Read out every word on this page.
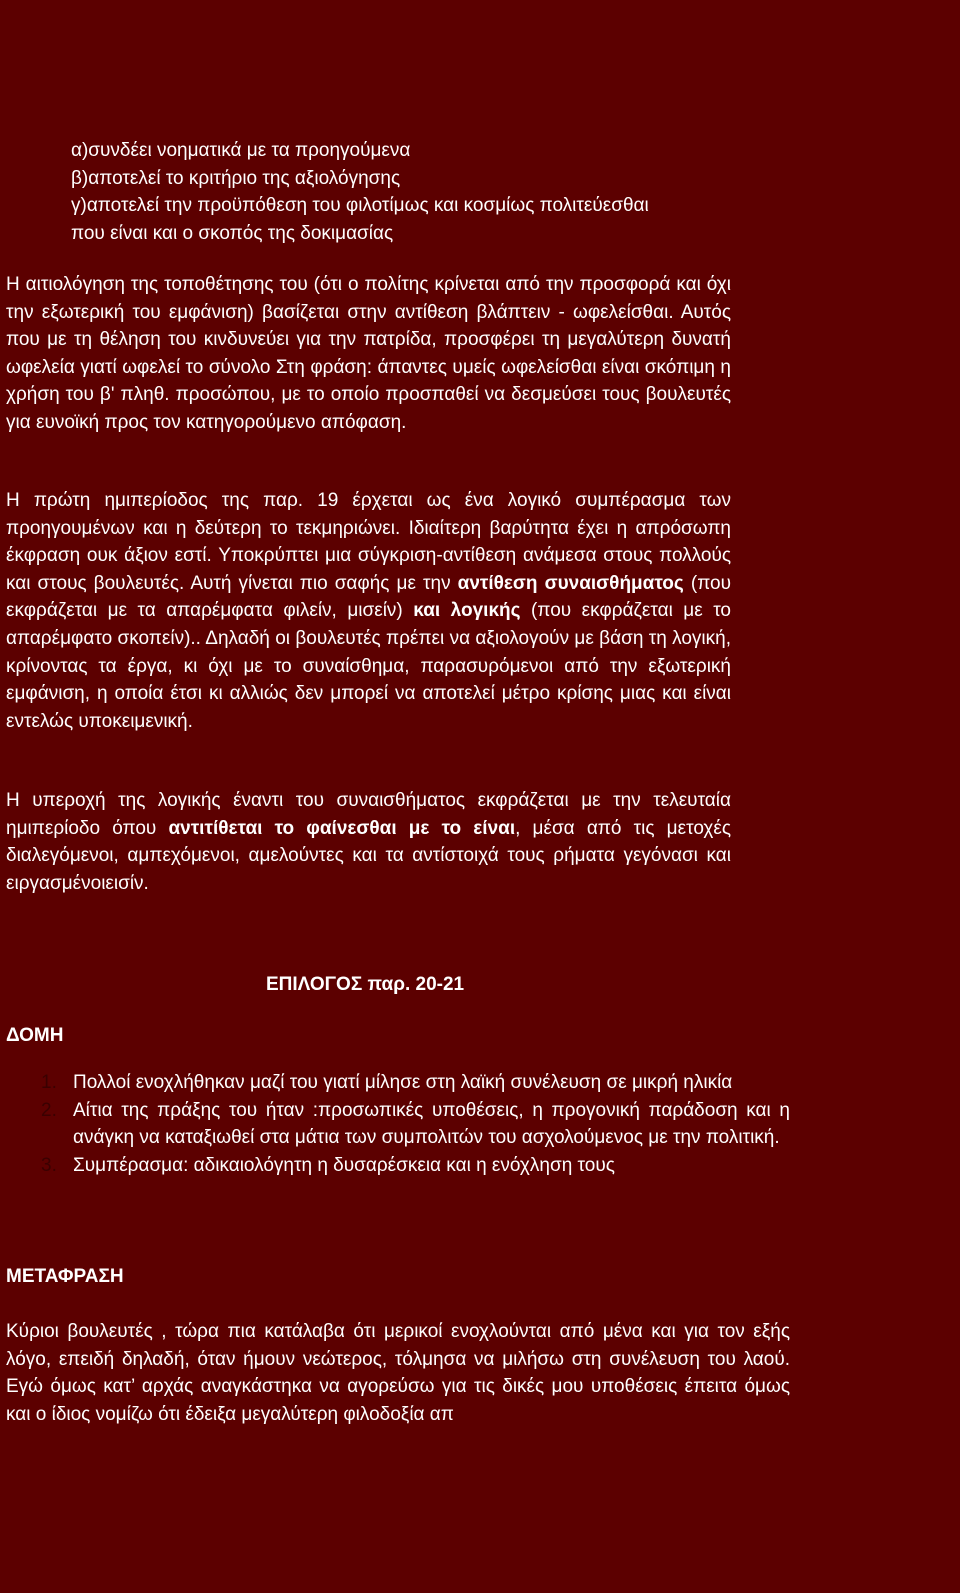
α)συνδέει νοηματικά με τα προηγούμενα
β)αποτελεί το κριτήριο της αξιολόγησης
γ)αποτελεί την προϋπόθεση του φιλοτίμως και κοσμίως πολιτεύεσθαι
που είναι και ο σκοπός της δοκιμασίας

Η αιτιολόγηση της τοποθέτησης του (ότι ο πολίτης κρίνεται από την προσφορά και όχι την εξωτερική του εμφάνιση) βασίζεται στην αντίθεση βλάπτειν - ωφελείσθαι. Αυτός που με τη θέληση του κινδυνεύει για την πατρίδα, προσφέρει τη μεγαλύτερη δυνατή ωφελεία γιατί ωφελεί το σύνολο Στη φράση: άπαντες υμείς ωφελείσθαι είναι σκόπιμη η χρήση του β' πληθ. προσώπου, με το οποίο προσπαθεί να δεσμεύσει τους βουλευτές για ευνοϊκή προς τον κατηγορούμενο απόφαση.

Η πρώτη ημιπερίοδος της παρ. 19 έρχεται ως ένα λογικό συμπέρασμα των προηγουμένων και η δεύτερη το τεκμηριώνει. Ιδιαίτερη βαρύτητα έχει η απρόσωπη έκφραση ουκ άξιον εστί. Υποκρύπτει μια σύγκριση-αντίθεση ανάμεσα στους πολλούς και στους βουλευτές. Αυτή γίνεται πιο σαφής με την αντίθεση συναισθήματος (που εκφράζεται με τα απαρέμφατα φιλείν, μισείν) και λογικής (που εκφράζεται με το απαρέμφατο σκοπείν).. Δηλαδή οι βουλευτές πρέπει να αξιολογούν με βάση τη λογική, κρίνοντας τα έργα, κι όχι με το συναίσθημα, παρασυρόμενοι από την εξωτερική εμφάνιση, η οποία έτσι κι αλλιώς δεν μπορεί να αποτελεί μέτρο κρίσης μιας και είναι εντελώς υποκειμενική.

Η υπεροχή της λογικής έναντι του συναισθήματος εκφράζεται με την τελευταία ημιπερίοδο όπου αντιτίθεται το φαίνεσθαι με το είναι, μέσα από τις μετοχές διαλεγόμενοι, αμπεχόμενοι, αμελούντες και τα αντίστοιχά τους ρήματα γεγόνασι και ειργασμένοιεισίν.

ΕΠΙΛΟΓΟΣ παρ. 20-21
ΔΟΜΗ
1. Πολλοί ενοχλήθηκαν μαζί του γιατί μίλησε στη λαϊκή συνέλευση σε μικρή ηλικία
2. Αίτια της πράξης του ήταν :προσωπικές υποθέσεις, η προγονική παράδοση και η ανάγκη να καταξιωθεί στα μάτια των συμπολιτών του ασχολούμενος με την πολιτική.
3. Συμπέρασμα: αδικαιολόγητη η δυσαρέσκεια και η ενόχληση τους
ΜΕΤΑΦΡΑΣΗ

Κύριοι βουλευτές , τώρα πια κατάλαβα ότι μερικοί ενοχλούνται από μένα και για τον εξής λόγο, επειδή δηλαδή, όταν ήμουν νεώτερος, τόλμησα να μιλήσω στη συνέλευση του λαού. Εγώ όμως κατ’ αρχάς αναγκάστηκα να αγορεύσω για τις δικές μου υποθέσεις έπειτα όμως και ο ίδιος νομίζω ότι έδειξα μεγαλύτερη φιλοδοξία απ
